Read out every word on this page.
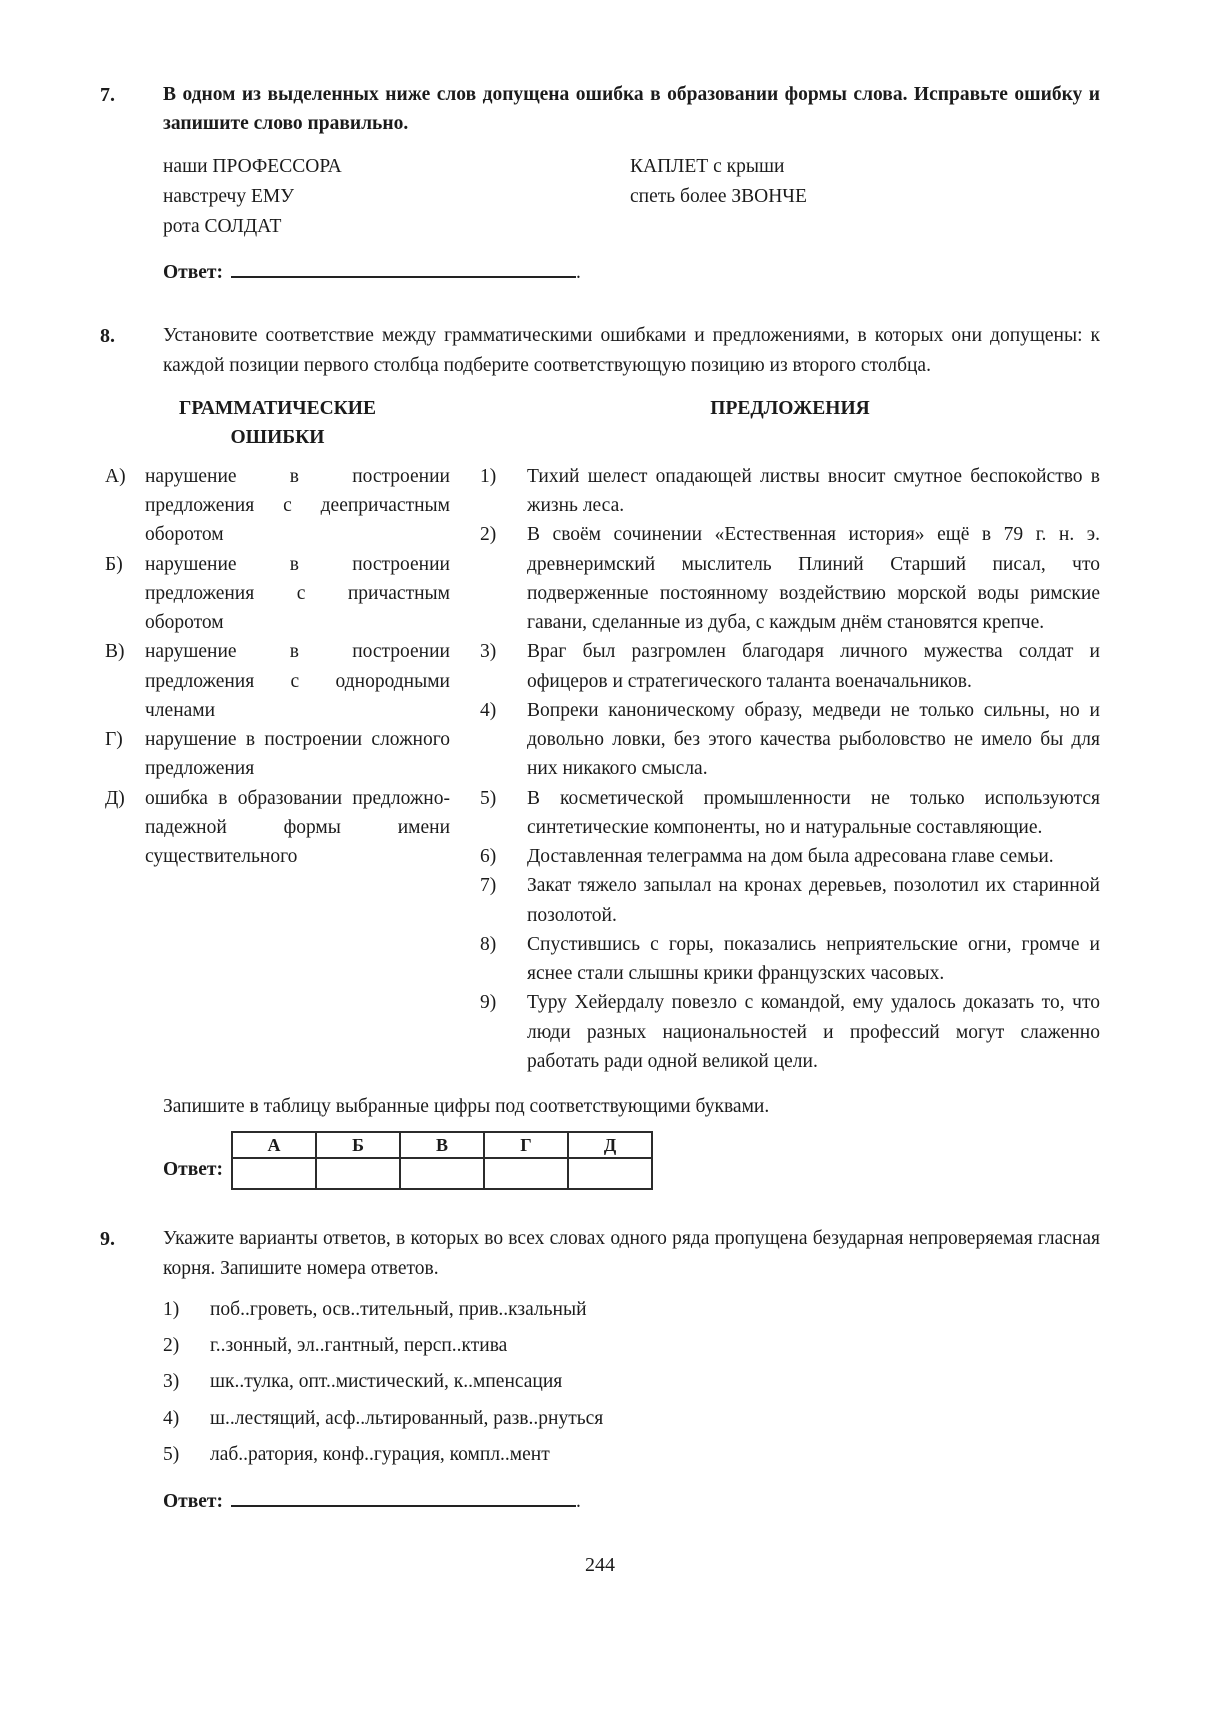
7.	В одном из выделенных ниже слов допущена ошибка в образовании формы слова. Исправьте ошибку и запишите слово правильно.

наши ПРОФЕССОРА
навстречу ЕМУ
рота СОЛДАТ
КАПЛЕТ с крыши
спеть более ЗВОНЧЕ
Ответ:	.
8.	Установите соответствие между грамматическими ошибками и предложениями, в которых они допущены: к каждой позиции первого столбца подберите соответствующую позицию из второго столбца.

ГРАММАТИЧЕСКИЕ ОШИБКИ
А) нарушение в построении предложения с деепричастным оборотом
Б)	нарушение в построении предложения с причастным оборотом
В)	нарушение в построении предложения с однородными членами
Г)	нарушение в построении сложного предложения
Д)	ошибка в образовании предложно-падежной формы имени существительного
ПРЕДЛОЖЕНИЯ
1)	Тихий шелест опадающей листвы вносит смутное беспокойство в жизнь леса.
2)	В своём сочинении «Естественная история» ещё в 79 г. н. э. древнеримский мыслитель Плиний Старший писал, что подверженные постоянному воздействию морской воды римские гавани, сделанные из дуба, с каждым днём становятся крепче.
3)	Враг был разгромлен благодаря личного мужества солдат и офицеров и стратегического таланта военачальников.
4)	Вопреки каноническому образу, медведи не только сильны, но и довольно ловки, без этого качества рыболовство не имело бы для них никакого смысла.
5)	В косметической промышленности не только используются синтетические компоненты, но и натуральные составляющие.
6)	Доставленная телеграмма на дом была адресована главе семьи.
7)	Закат тяжело запылал на кронах деревьев, позолотил их старинной позолотой.
8)	Спустившись с горы, показались неприятельские огни, громче и яснее стали слышны крики французских часовых.
9)	Туру Хейердалу повезло с командой, ему удалось доказать то, что люди разных национальностей и профессий могут слаженно работать ради одной великой цели.

Запишите в таблицу выбранные цифры под соответствующими буквами.

Ответ:
А	Б	В	Г	Д

9.	Укажите варианты ответов, в которых во всех словах одного ряда пропущена безударная непроверяемая гласная корня. Запишите номера ответов.

1)	поб..гроветь, осв..тительный, прив..кзальный
2)	г..зонный, эл..гантный, персп..ктива
3)	шк..тулка, опт..мистический, к..мпенсация
4)	ш..лестящий, асф..льтированный, разв..рнуться
5)	лаб..ратория, конф..гурация, компл..мент
Ответ:	.
244
